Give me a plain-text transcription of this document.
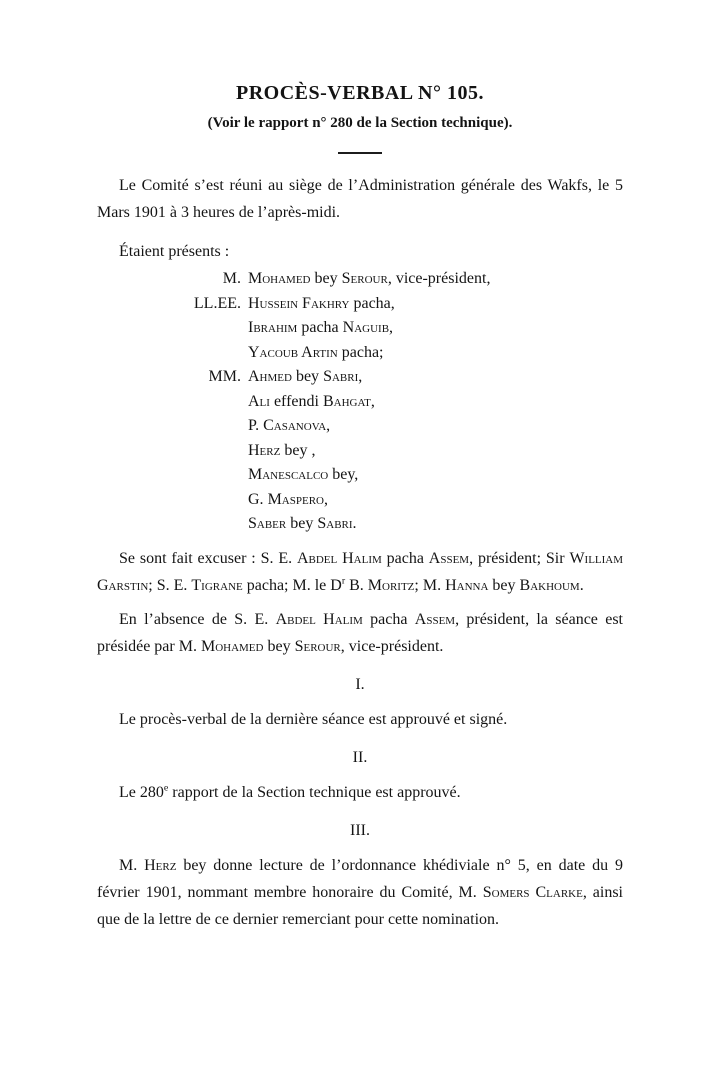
PROCÈS-VERBAL N° 105.
(Voir le rapport n° 280 de la Section technique).

Le Comité s’est réuni au siège de l’Administration générale des Wakfs, le 5 Mars 1901 à 3 heures de l’après-midi.

Étaient présents :

M. Mohamed bey Serour, vice-président,
LL.EE. Hussein Fakhry pacha,
Ibrahim pacha Naguib,
Yacoub Artin pacha;
MM. Ahmed bey Sabri,
Ali effendi Bahgat,
P. Casanova,
Herz bey ,
Manescalco bey,
G. Maspero,
Saber bey Sabri.

Se sont fait excuser : S. E. Abdel Halim pacha Assem, président; Sir William Garstin; S. E. Tigrane pacha; M. le $D^r$ B. Moritz; M. Hanna bey Bakhoum.

En l’absence de S. E. Abdel Halim pacha Assem, président, la séance est présidée par M. Mohamed bey Serour, vice-président.

I.

Le procès-verbal de la dernière séance est approuvé et signé.

II.

Le 280e rapport de la Section technique est approuvé.

III.

M. Herz bey donne lecture de l’ordonnance khédiviale n° 5, en date du 9 février 1901, nommant membre honoraire du Comité, M. Somers Clarke, ainsi que de la lettre de ce dernier remerciant pour cette nomination.
